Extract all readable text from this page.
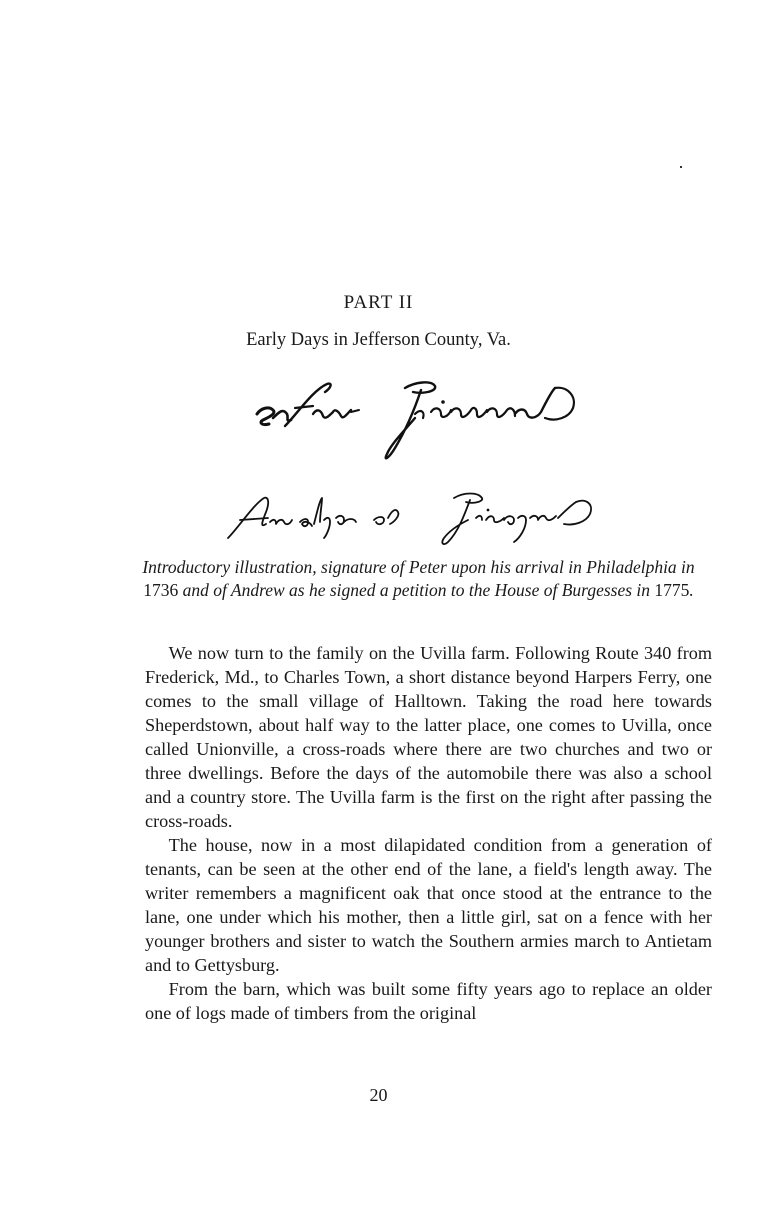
PART II
Early Days in Jefferson County, Va.
Introductory illustration, signature of Peter upon his arrival in Philadelphia in 1736 and of Andrew as he signed a petition to the House of Burgesses in 1775.

We now turn to the family on the Uvilla farm. Following Route 340 from Frederick, Md., to Charles Town, a short distance beyond Harpers Ferry, one comes to the small village of Halltown. Taking the road here towards Sheperdstown, about half way to the latter place, one comes to Uvilla, once called Unionville, a cross-roads where there are two churches and two or three dwellings. Before the days of the automobile there was also a school and a country store. The Uvilla farm is the first on the right after passing the cross-roads.

The house, now in a most dilapidated condition from a generation of tenants, can be seen at the other end of the lane, a field's length away. The writer remembers a magnificent oak that once stood at the entrance to the lane, one under which his mother, then a little girl, sat on a fence with her younger brothers and sister to watch the Southern armies march to Antietam and to Gettysburg.

From the barn, which was built some fifty years ago to replace an older one of logs made of timbers from the original

20
